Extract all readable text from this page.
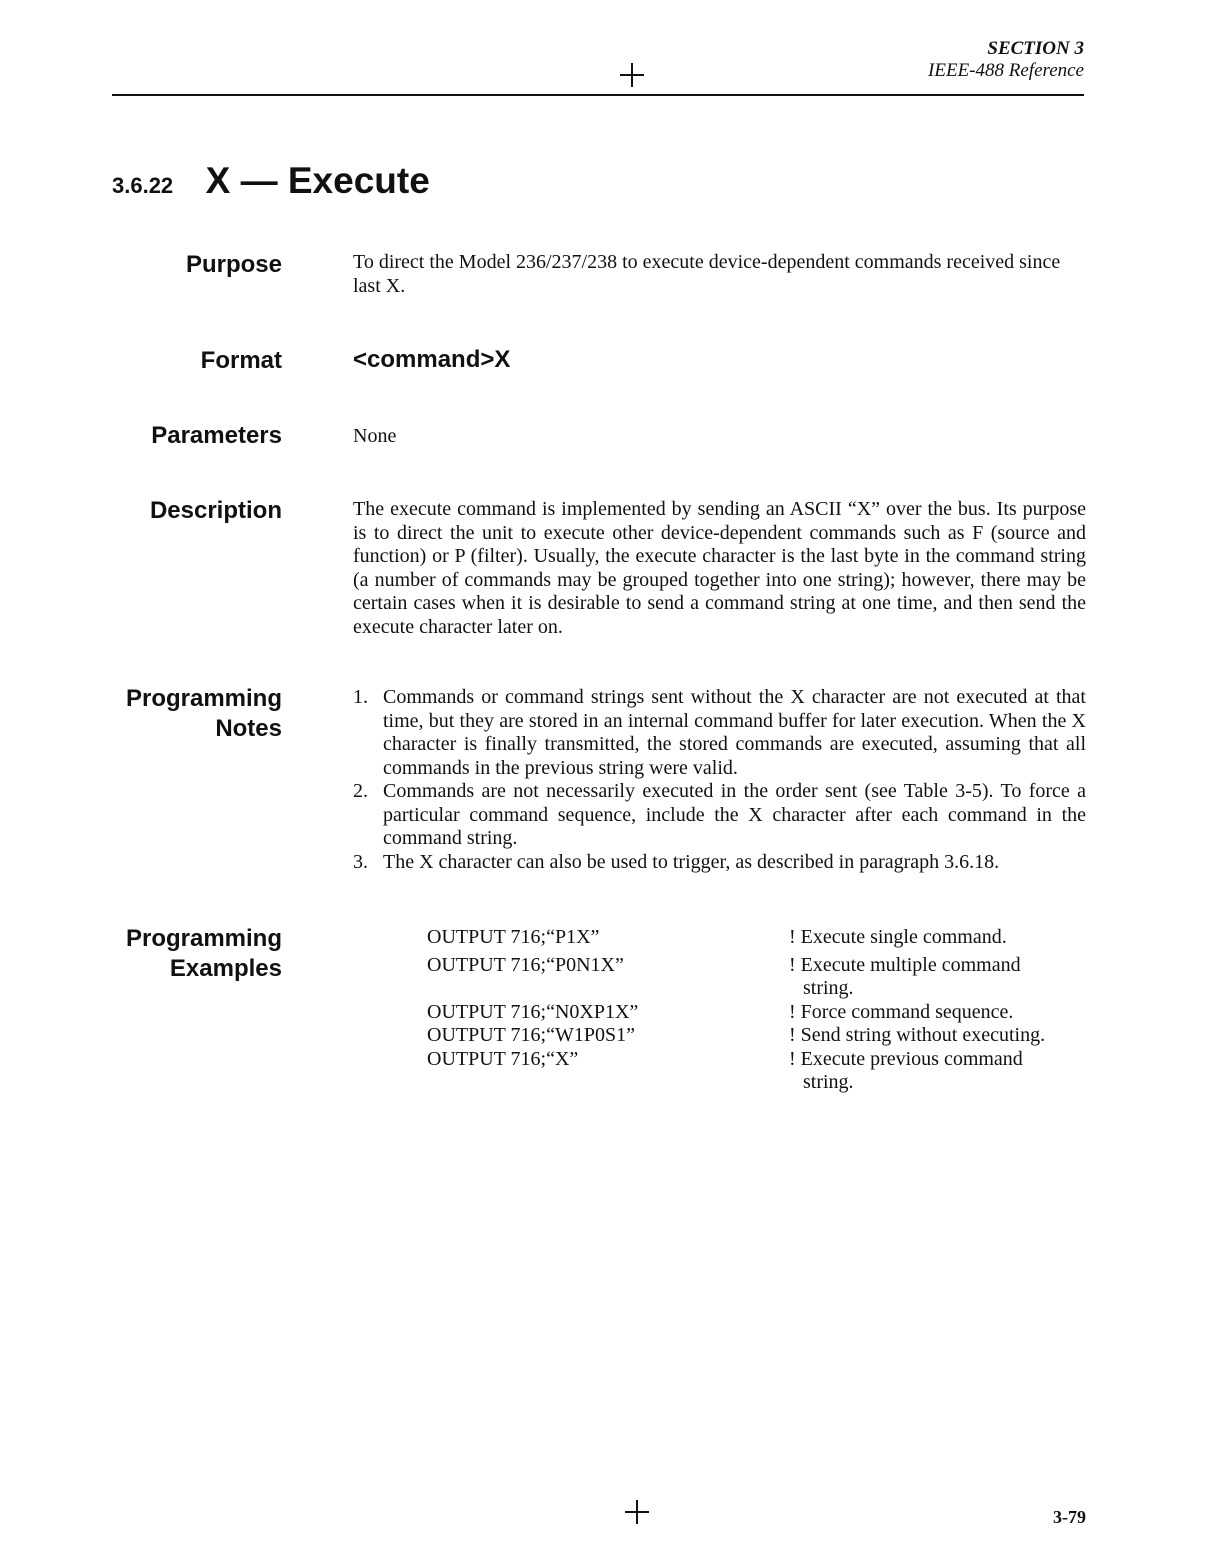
SECTION 3
IEEE-488 Reference
3.6.22 X — Execute
Purpose	To direct the Model 236/237/238 to execute device-dependent commands received since last X.
Format	<command>X
Parameters	None
Description	The execute command is implemented by sending an ASCII “X” over the bus. Its purpose is to direct the unit to execute other device-dependent commands such as F (source and function) or P (filter). Usually, the execute character is the last byte in the command string (a number of commands may be grouped together into one string); however, there may be certain cases when it is desirable to send a command string at one time, and then send the execute character later on.
Programming
Notes
1. Commands or command strings sent without the X character are not executed at that time, but they are stored in an internal command buffer for later execution. When the X character is finally transmitted, the stored commands are executed, assuming that all commands in the previous string were valid.
2. Commands are not necessarily executed in the order sent (see Table 3-5). To force a particular command sequence, include the X character after each command in the command string.
3. The X character can also be used to trigger, as described in paragraph 3.6.18.
Programming
Examples
OUTPUT 716;“P1X”	! Execute single command.
OUTPUT 716;“P0N1X”	! Execute multiple command
string.
OUTPUT 716;“N0XP1X”	! Force command sequence.
OUTPUT 716;“W1P0S1”	! Send string without executing.
OUTPUT 716;“X”	! Execute previous command
string.
3-79
